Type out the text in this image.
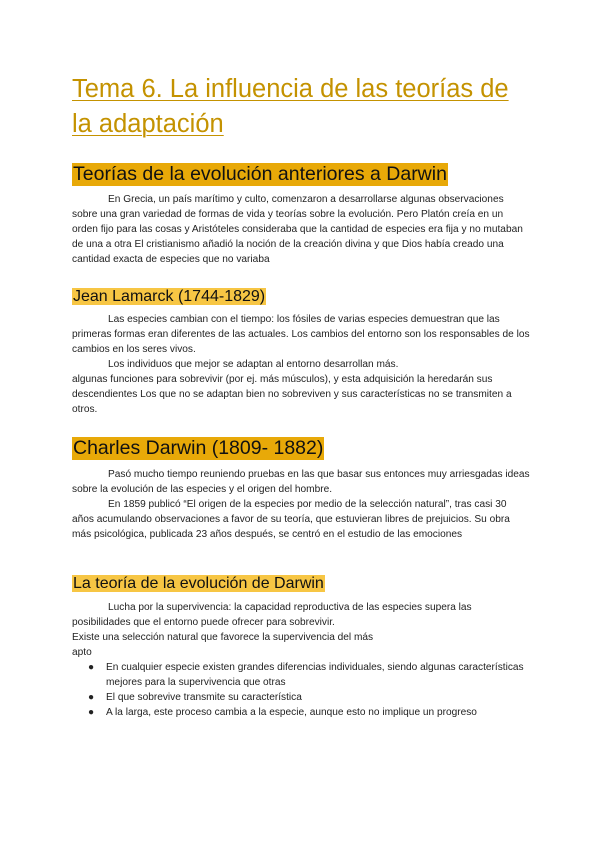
Tema 6. La influencia de las teorías de la adaptación
Teorías de la evolución anteriores a Darwin

En Grecia, un país marítimo y culto, comenzaron a desarrollarse algunas observaciones sobre una gran variedad de formas de vida y teorías sobre la evolución. Pero Platón creía en un orden fijo para las cosas y Aristóteles consideraba que la cantidad de especies era fija y no mutaban de una a otra El cristianismo añadió la noción de la creación divina y que Dios había creado una cantidad exacta de especies que no variaba

Jean Lamarck (1744-1829)

Las especies cambian con el tiempo: los fósiles de varias especies demuestran que las primeras formas eran diferentes de las actuales. Los cambios del entorno son los responsables de los cambios en los seres vivos.

Los individuos que mejor se adaptan al entorno desarrollan más.
algunas funciones para sobrevivir (por ej. más músculos), y esta adquisición la heredarán sus descendientes Los que no se adaptan bien no sobreviven y sus características no se transmiten a otros.

Charles Darwin (1809- 1882)

Pasó mucho tiempo reuniendo pruebas en las que basar sus entonces muy arriesgadas ideas sobre la evolución de las especies y el origen del hombre.

En 1859 publicó “El origen de la especies por medio de la selección natural”, tras casi 30 años acumulando observaciones a favor de su teoría, que estuvieran libres de prejuicios. Su obra más psicológica, publicada 23 años después, se centró en el estudio de las emociones

La teoría de la evolución de Darwin

Lucha por la supervivencia: la capacidad reproductiva de las especies supera las posibilidades que el entorno puede ofrecer para sobrevivir.

Existe una selección natural que favorece la supervivencia del más
apto

● En cualquier especie existen grandes diferencias individuales, siendo algunas características mejores para la supervivencia que otras
● El que sobrevive transmite su característica
● A la larga, este proceso cambia a la especie, aunque esto no implique un progreso
